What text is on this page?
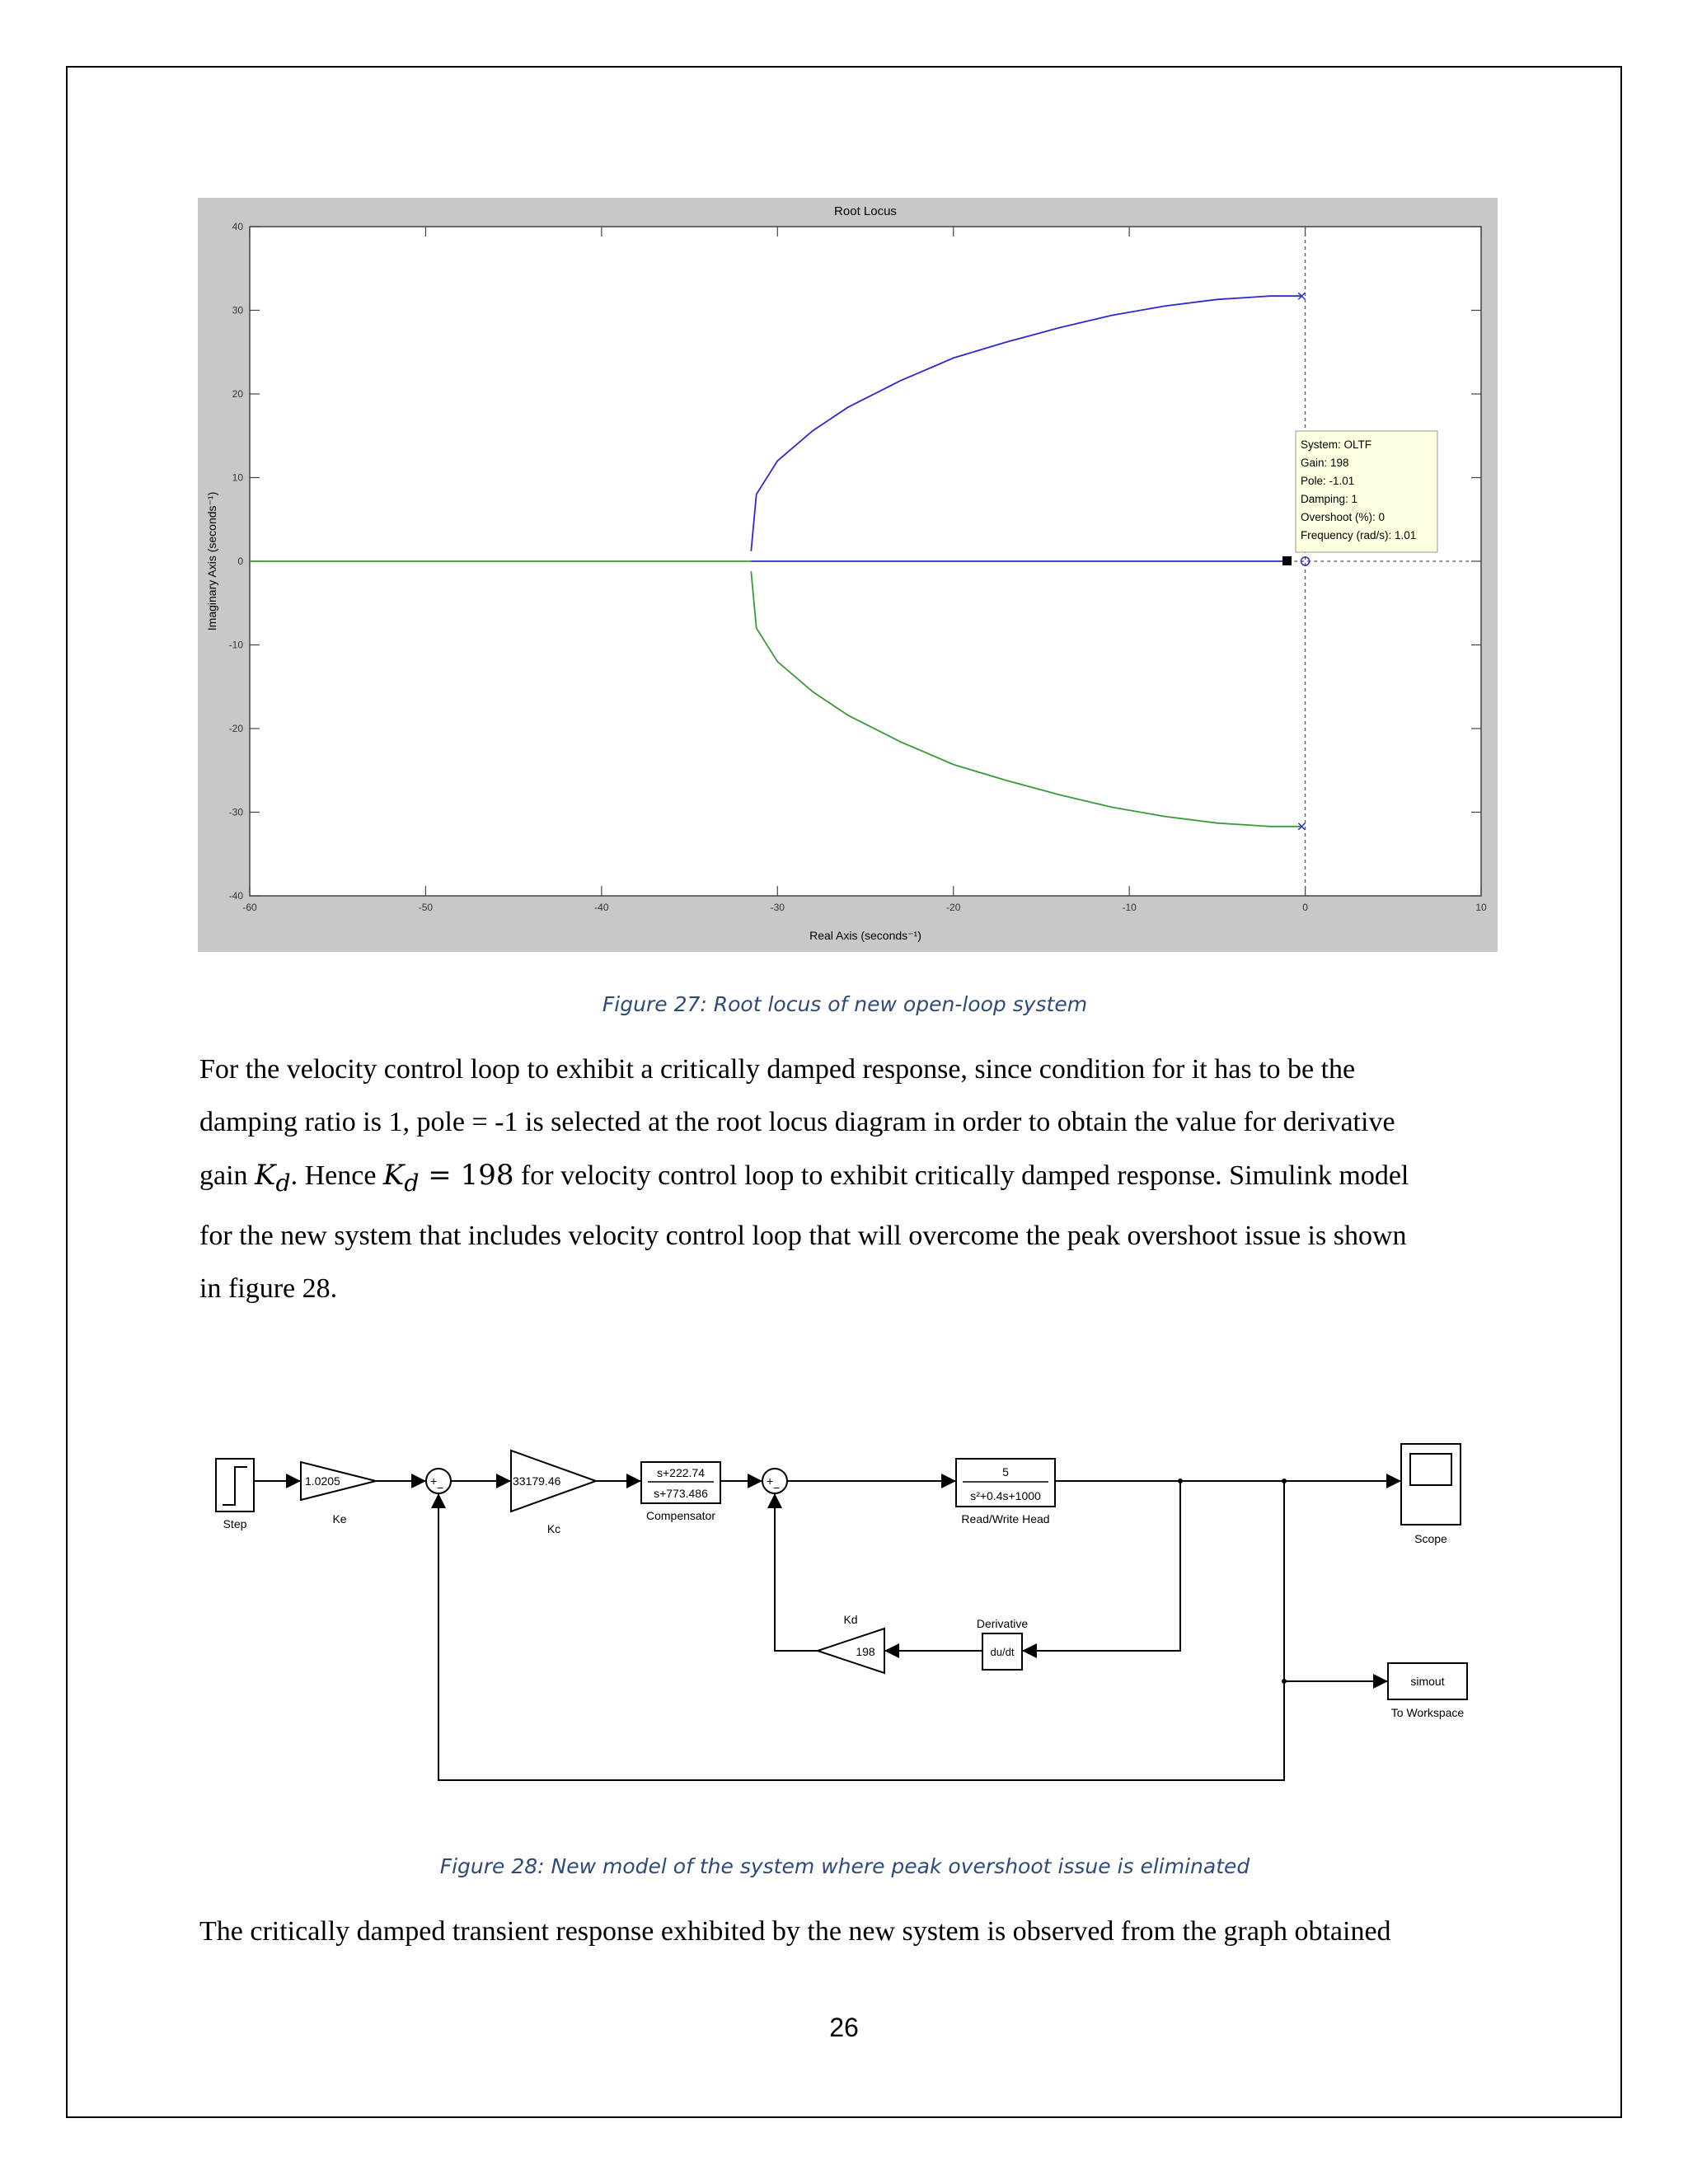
Root Locus
Real Axis (seconds⁻¹)
Imaginary Axis (seconds⁻¹)
-60	-50	-40	-30	-20	-10	0	10
-40
-30
-20
-10
0
10
20
30
40
System: OLTF
Gain: 198
Pole: -1.01
Damping: 1
Overshoot (%): 0
Frequency (rad/s): 1.01
Figure 27: Root locus of new open-loop system
For the velocity control loop to exhibit a critically damped response, since condition for it has to be the
damping ratio is 1, pole = -1 is selected at the root locus diagram in order to obtain the value for derivative
gain $K_d$. Hence $K_d = 198$ for velocity control loop to exhibit critically damped response. Simulink model
for the new system that includes velocity control loop that will overcome the peak overshoot issue is shown
in figure 28.
Step
1.0205
Ke
+ −	33179.46
Kc
s+222.74
s+773.486
Compensator
+ −
5
s²+0.4s+1000
Read/Write Head
Scope
du/dt
Derivative
198
Kd
simout
To Workspace
Figure 28: New model of the system where peak overshoot issue is eliminated
The critically damped transient response exhibited by the new system is observed from the graph obtained
26
